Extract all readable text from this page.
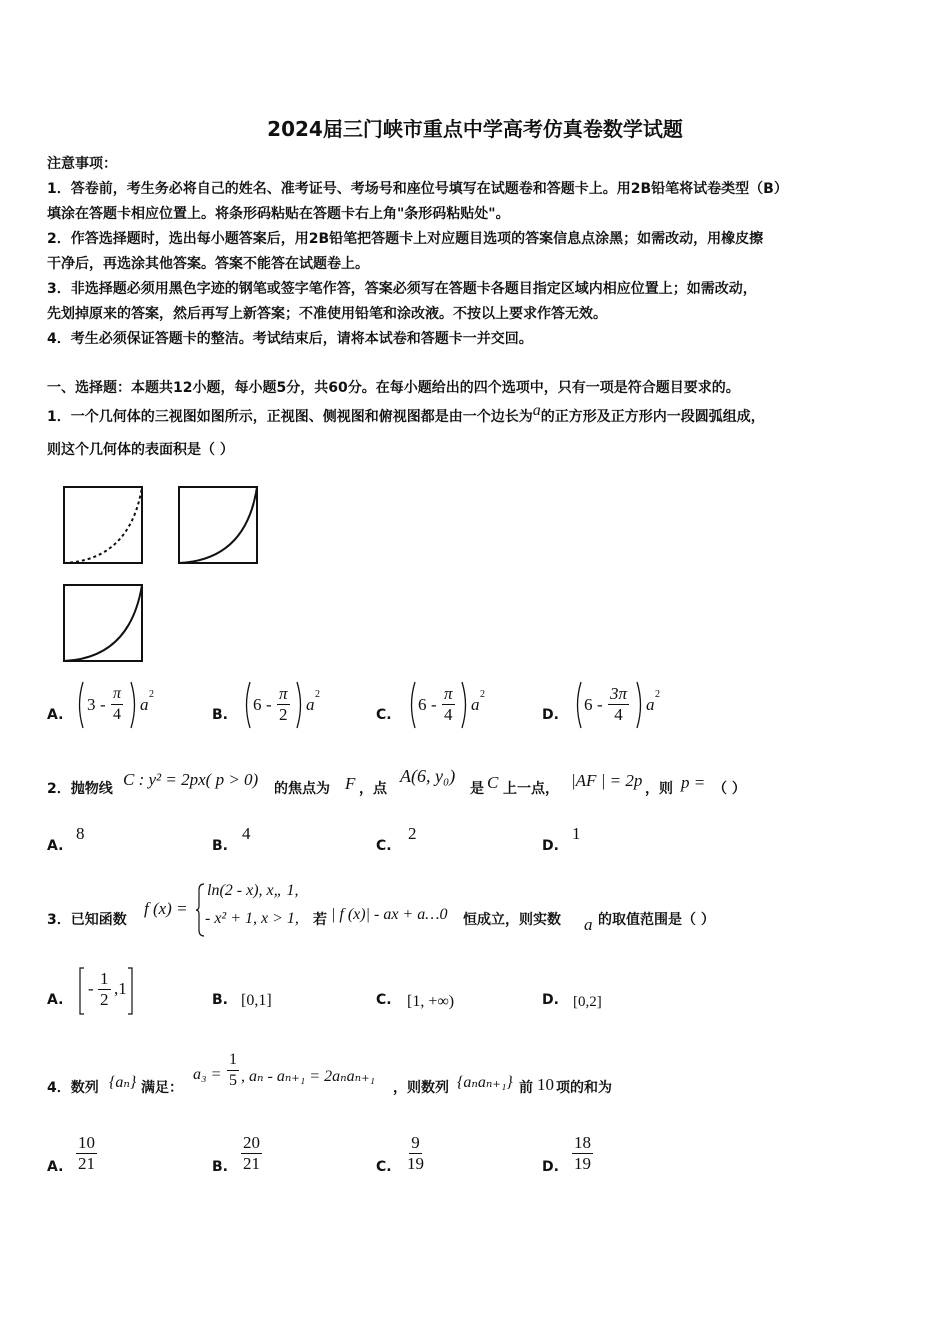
2024届三门峡市重点中学高考仿真卷数学试题
注意事项：
1．答卷前，考生务必将自己的姓名、准考证号、考场号和座位号填写在试题卷和答题卡上。用2B铅笔将试卷类型（B）
填涂在答题卡相应位置上。将条形码粘贴在答题卡右上角"条形码粘贴处"。
2．作答选择题时，选出每小题答案后，用2B铅笔把答题卡上对应题目选项的答案信息点涂黑；如需改动，用橡皮擦
干净后，再选涂其他答案。答案不能答在试题卷上。
3．非选择题必须用黑色字迹的钢笔或签字笔作答，答案必须写在答题卡各题目指定区域内相应位置上；如需改动，
先划掉原来的答案，然后再写上新答案；不准使用铅笔和涂改液。不按以上要求作答无效。
4．考生必须保证答题卡的整洁。考试结束后，请将本试卷和答题卡一并交回。
一、选择题：本题共12小题，每小题5分，共60分。在每小题给出的四个选项中，只有一项是符合题目要求的。
1．一个几何体的三视图如图所示，正视图、侧视图和俯视图都是由一个边长为a的正方形及正方形内一段圆弧组成，
则这个几何体的表面积是（ ）
A.
$3 - \frac{\pi}{4}$ a
2
B.
$6 - \frac{\pi}{2}$ a
2
C.
$6 - \frac{\pi}{4}$ a
2
D.
$6 - \frac{3\pi}{4}$ a
2
2．抛物线 C : y² = 2px( p > 0) 的焦点为 F ，点
A(6, y₀)
是 C 上一点， |AF | = 2p ，则 p = （ ）
A.
8
B.
4
C.
2
D.
1
3．已知函数
f (x) =
ln(2 - x), x„ 1,
- x² + 1, x > 1, 若 | f (x)| - ax + a…0 恒成立，则实数 a 的取值范围是（ ）
A.
- $\frac{1}{2} ,1$
B. [0,1]	C. [1, +∞)	D. [0,2]
4．数列 {aₙ} 满足：
$a_3 = \frac{1}{5}$ , aₙ - aₙ₊₁ = 2aₙaₙ₊₁
，则数列 {aₙaₙ₊₁} 前 10 项的和为
A. $\frac{10}{21}$	B. $\frac{20}{21}$	C. $\frac{9}{19}$	D. $\frac{18}{19}$
